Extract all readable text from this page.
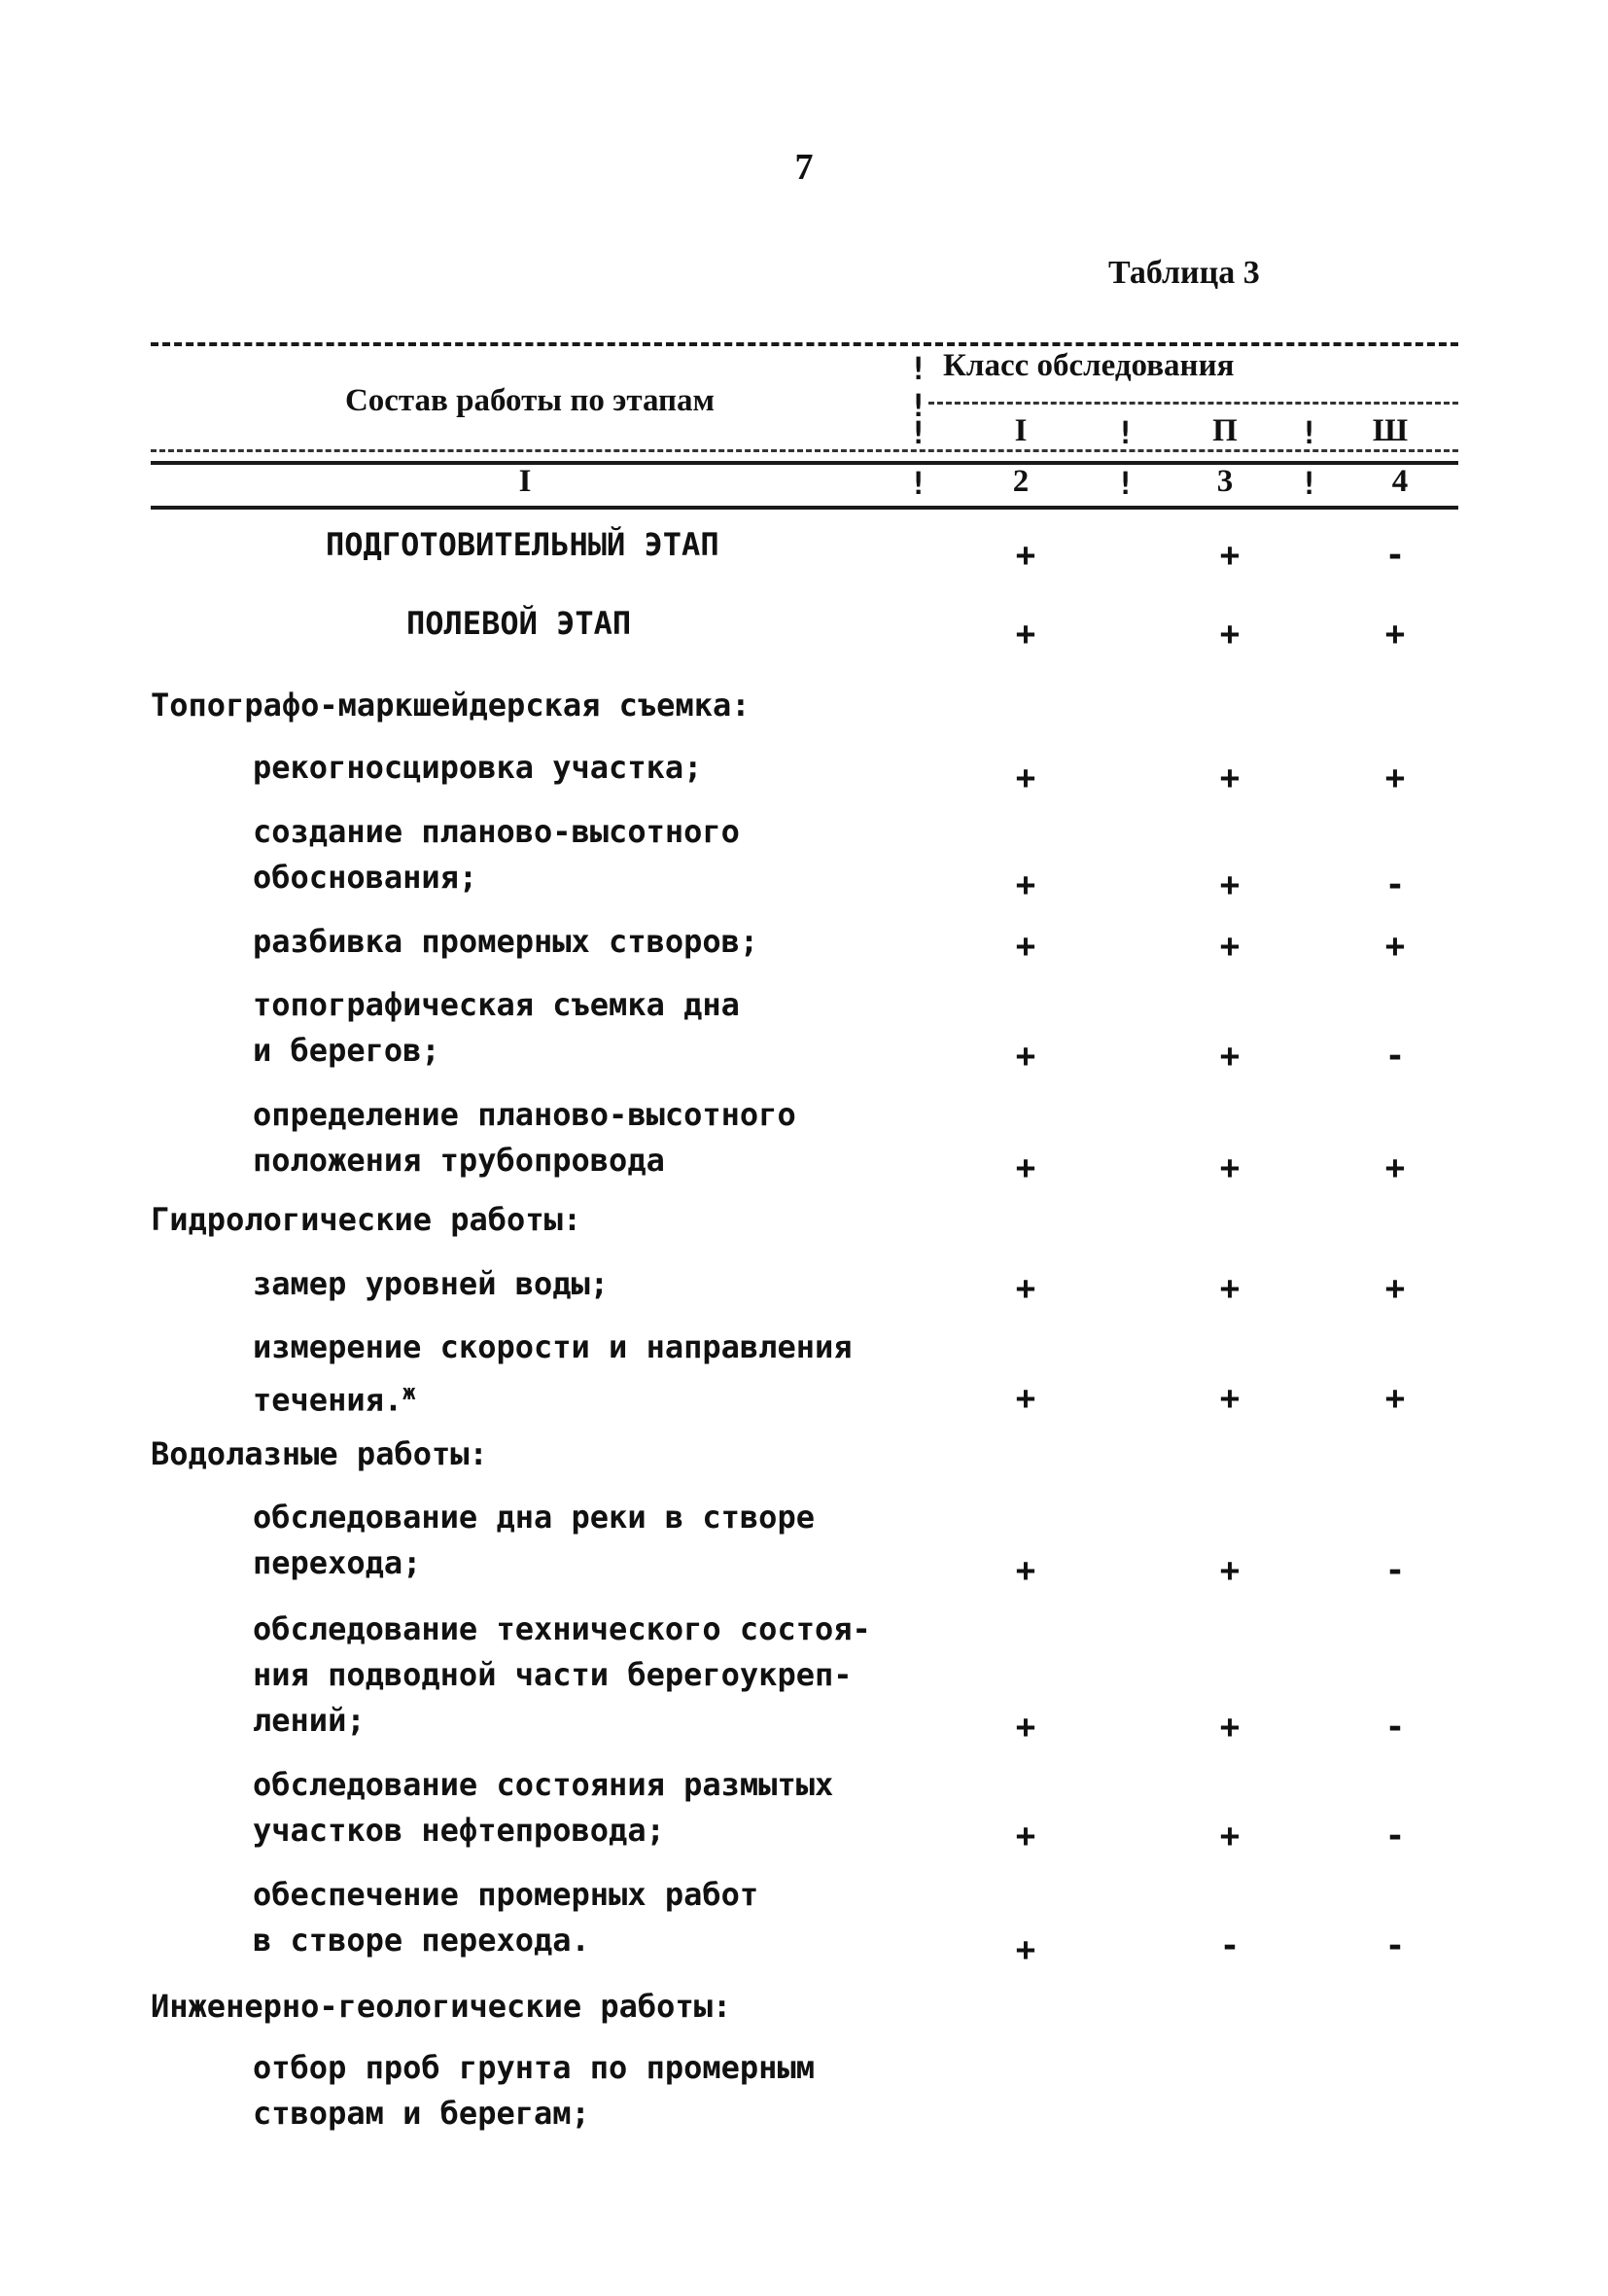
7
Таблица 3
Состав работы по этапам
Класс обследования
I	П	Ш
I	2	3	4
!
!
!	!	!
!	!	!
ПОДГОТОВИТЕЛЬНЫЙ ЭТАП	+	+	-
ПОЛЕВОЙ ЭТАП	+	+	+
Топографо-маркшейдерская съемка:
рекогносцировка участка;	+	+	+
создание планово-высотного
обоснования;	+	+	-
разбивка промерных створов;	+	+	+
топографическая съемка дна
и берегов;	+	+	-
определение планово-высотного
положения трубопровода	+	+	+
Гидрологические работы:
замер уровней воды;	+	+	+
измерение скорости и направления
течения.$^ж$	+	+	+
Водолазные работы:
обследование дна реки в створе
перехода;	+	+	-
обследование технического состоя-
ния подводной части берегоукреп-
лений;	+	+	-
обследование состояния размытых
участков нефтепровода;	+	+	-
обеспечение промерных работ
в створе перехода.	+	-	-
Инженерно-геологические работы:
отбор проб грунта по промерным
створам и берегам;
